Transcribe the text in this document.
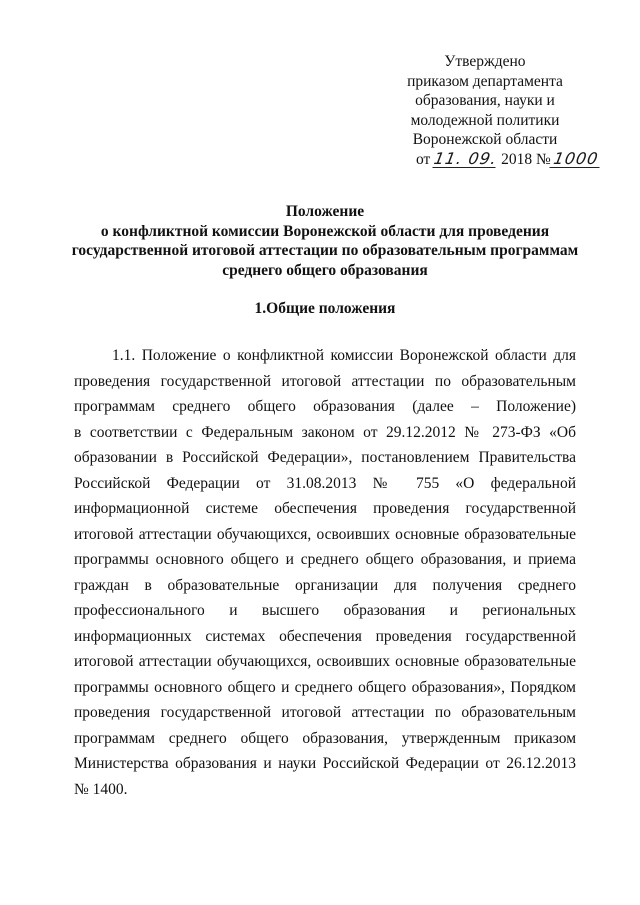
Утверждено
приказом департамента
образования, науки и
молодежной политики
Воронежской области
от 11. 09. 2018 №1000
Положение
о конфликтной комиссии Воронежской области для проведения
государственной итоговой аттестации по образовательным программам
среднего общего образования
1.Общие положения
1.1. Положение о конфликтной комиссии Воронежской области для
проведения государственной итоговой аттестации по образовательным
программам среднего общего образования (далее – Положение)
в соответствии с Федеральным законом от 29.12.2012 № 273-ФЗ «Об
образовании в Российской Федерации», постановлением Правительства
Российской Федерации от 31.08.2013 № 755 «О федеральной
информационной системе обеспечения проведения государственной
итоговой аттестации обучающихся, освоивших основные образовательные
программы основного общего и среднего общего образования, и приема
граждан в образовательные организации для получения среднего
профессионального и высшего образования и региональных
информационных системах обеспечения проведения государственной
итоговой аттестации обучающихся, освоивших основные образовательные
программы основного общего и среднего общего образования», Порядком
проведения государственной итоговой аттестации по образовательным
программам среднего общего образования, утвержденным приказом
Министерства образования и науки Российской Федерации от 26.12.2013
№ 1400.
